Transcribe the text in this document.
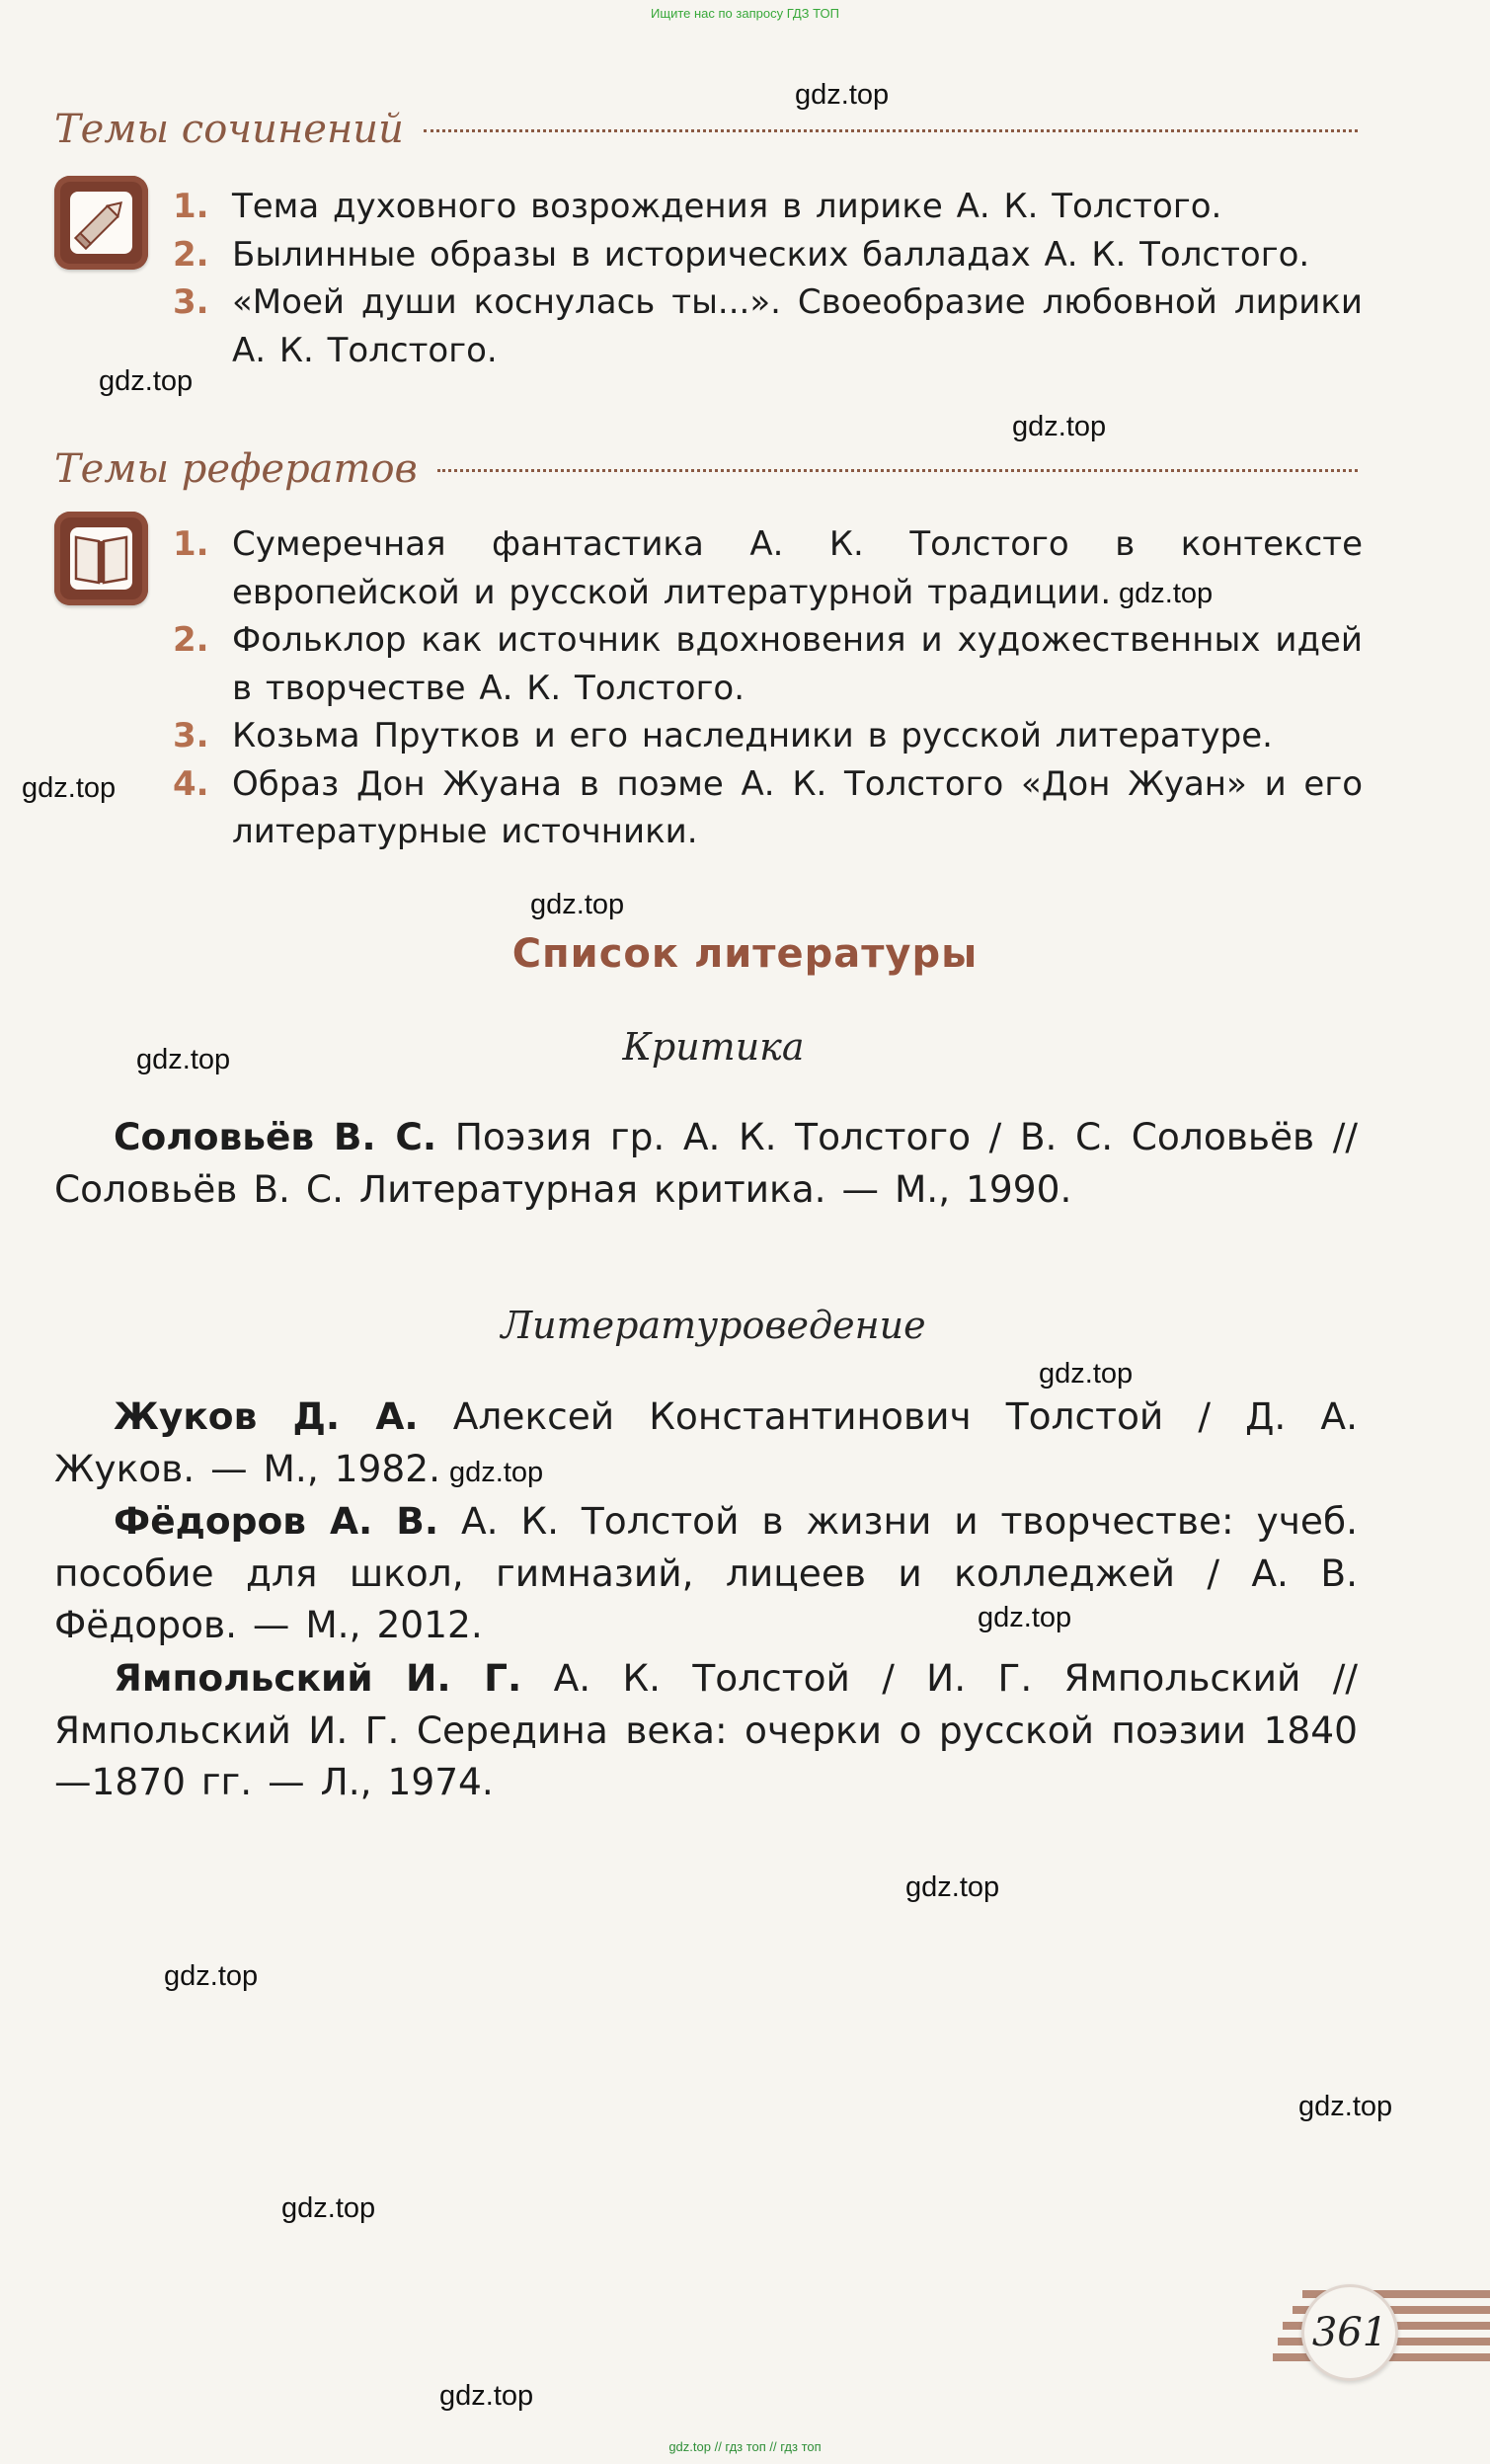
Ищите нас по запросу ГДЗ ТОП
Темы сочинений
1. Тема духовного возрождения в лирике А. К. Толстого.
2. Былинные образы в исторических балладах А. К. Толстого.
3. «Моей души коснулась ты...». Своеобразие любовной лирики А. К. Толстого.
Темы рефератов
1. Сумеречная фантастика А. К. Толстого в контексте европейской и русской литературной традиции.
2. Фольклор как источник вдохновения и художественных идей в творчестве А. К. Толстого.
3. Козьма Прутков и его наследники в русской литературе.
4. Образ Дон Жуана в поэме А. К. Толстого «Дон Жуан» и его литературные источники.
Список литературы
Критика
Соловьёв В. С. Поэзия гр. А. К. Толстого / В. С. Соловьёв // Соловьёв В. С. Литературная критика. — М., 1990.
Литературоведение
Жуков Д. А. Алексей Константинович Толстой / Д. А. Жуков. — М., 1982.
Фёдоров А. В. А. К. Толстой в жизни и творчестве: учеб. пособие для школ, гимназий, лицеев и колледжей / А. В. Фёдоров. — М., 2012.
Ямпольский И. Г. А. К. Толстой / И. Г. Ямпольский // Ямпольский И. Г. Середина века: очерки о русской поэзии 1840—1870 гг. — Л., 1974.
gdz.top
gdz.top
gdz.top
gdz.top
gdz.top
gdz.top
gdz.top
gdz.top
gdz.top
gdz.top
gdz.top
gdz.top
gdz.top
gdz.top
gdz.top
361
gdz.top // гдз топ // гдз топ
